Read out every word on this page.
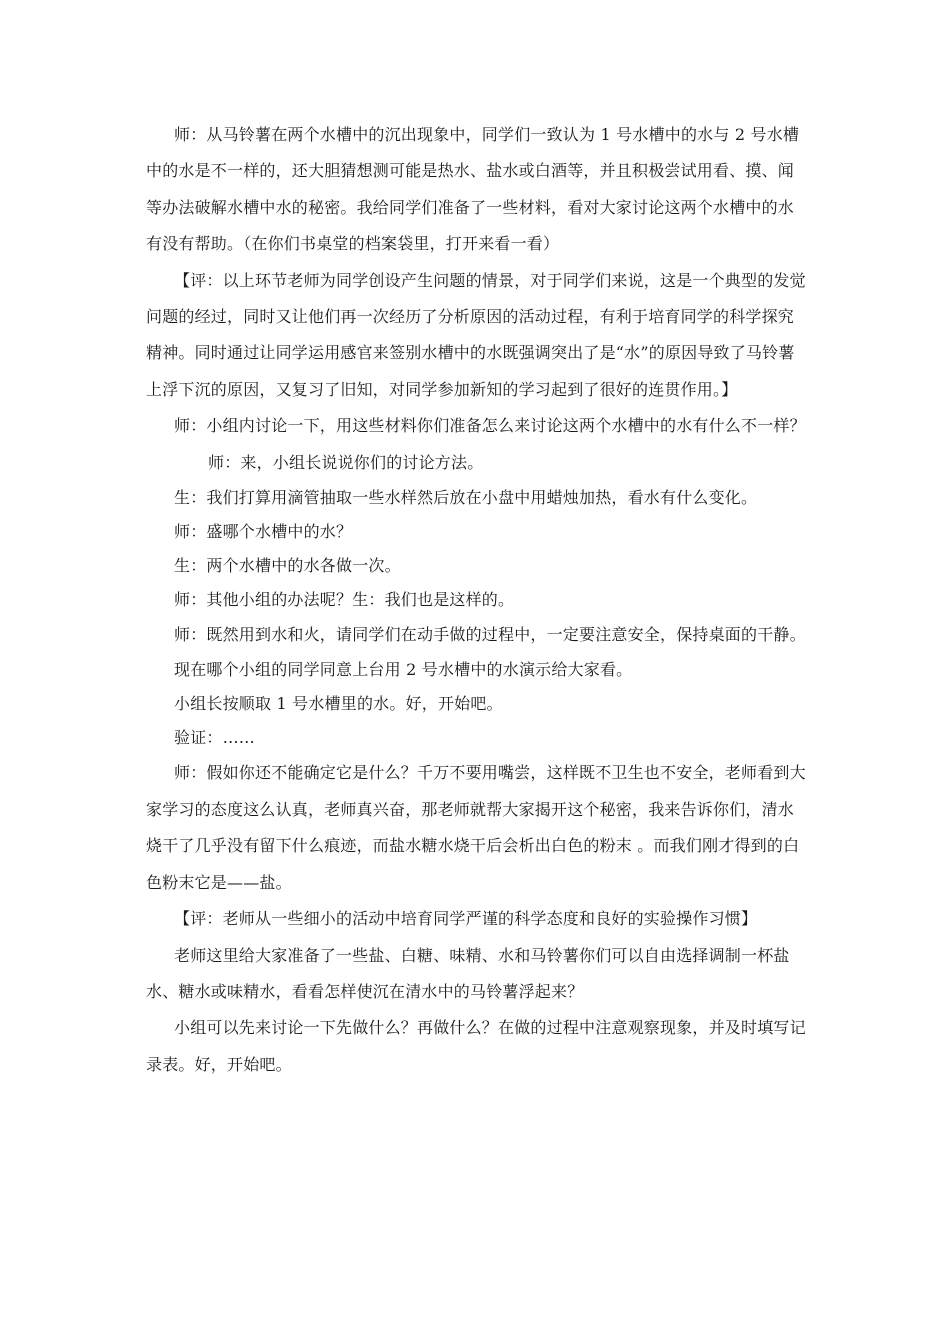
师：从马铃薯在两个水槽中的沉出现象中，同学们一致认为 1 号水槽中的水与 2 号水槽中的水是不一样的，还大胆猜想测可能是热水、盐水或白酒等，并且积极尝试用看、摸、闻等办法破解水槽中水的秘密。我给同学们准备了一些材料，看对大家讨论这两个水槽中的水有没有帮助。（在你们书桌堂的档案袋里，打开来看一看）

【评：以上环节老师为同学创设产生问题的情景，对于同学们来说，这是一个典型的发觉问题的经过，同时又让他们再一次经历了分析原因的活动过程，有利于培育同学的科学探究精神。同时通过让同学运用感官来签别水槽中的水既强调突出了是“水”的原因导致了马铃薯上浮下沉的原因，又复习了旧知，对同学参加新知的学习起到了很好的连贯作用。】

师：小组内讨论一下，用这些材料你们准备怎么来讨论这两个水槽中的水有什么不一样？

师：来，小组长说说你们的讨论方法。

生：我们打算用滴管抽取一些水样然后放在小盘中用蜡烛加热，看水有什么变化。

师：盛哪个水槽中的水？

生：两个水槽中的水各做一次。

师：其他小组的办法呢？生：我们也是这样的。

师：既然用到水和火，请同学们在动手做的过程中，一定要注意安全，保持桌面的干静。

现在哪个小组的同学同意上台用 2 号水槽中的水演示给大家看。

小组长按顺取 1 号水槽里的水。好，开始吧。

验证：……

师：假如你还不能确定它是什么？千万不要用嘴尝，这样既不卫生也不安全，老师看到大家学习的态度这么认真，老师真兴奋，那老师就帮大家揭开这个秘密，我来告诉你们，清水烧干了几乎没有留下什么痕迹，而盐水糖水烧干后会析出白色的粉末 。而我们刚才得到的白色粉末它是——盐。

【评：老师从一些细小的活动中培育同学严谨的科学态度和良好的实验操作习惯】

老师这里给大家准备了一些盐、白糖、味精、水和马铃薯你们可以自由选择调制一杯盐水、糖水或味精水，看看怎样使沉在清水中的马铃薯浮起来？

小组可以先来讨论一下先做什么？再做什么？在做的过程中注意观察现象，并及时填写记录表。好，开始吧。
